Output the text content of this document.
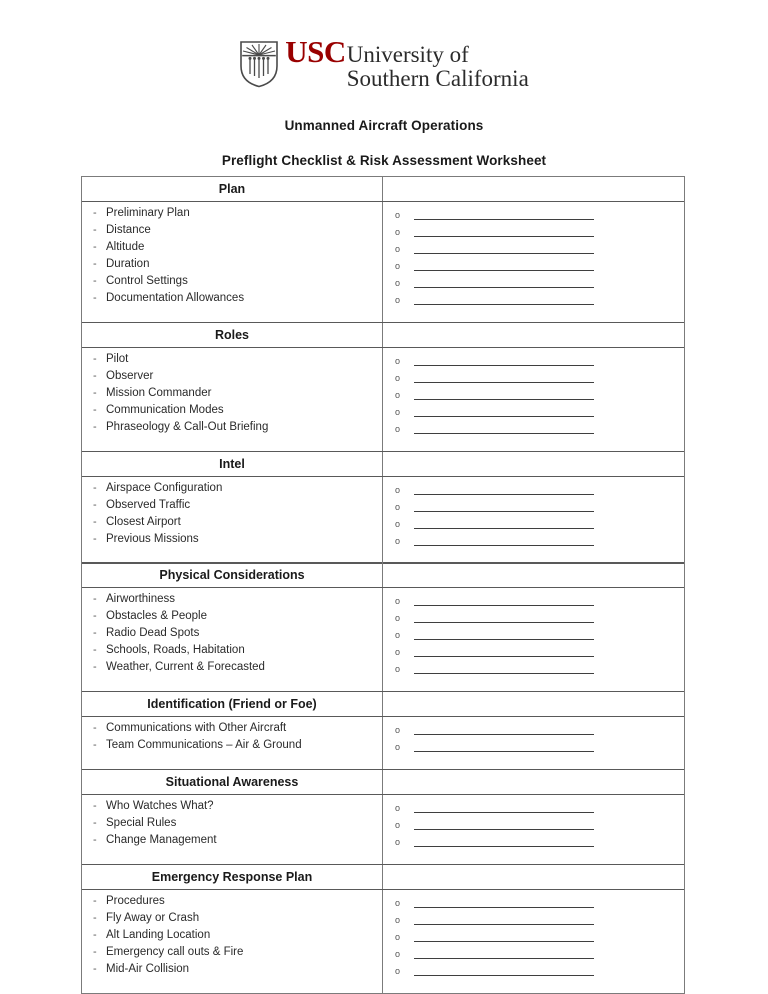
USC University of
Southern California
Unmanned Aircraft Operations
Preflight Checklist & Risk Assessment Worksheet
Plan
- Preliminary Plan
- Distance
- Altitude
- Duration
- Control Settings
- Documentation Allowances
o
o
o
o
o
o
Roles
- Pilot
- Observer
- Mission Commander
- Communication Modes
- Phraseology & Call-Out Briefing
o
o
o
o
o
Intel
- Airspace Configuration
- Observed Traffic
- Closest Airport
- Previous Missions
o
o
o
o
Physical Considerations
- Airworthiness
- Obstacles & People
- Radio Dead Spots
- Schools, Roads, Habitation
- Weather, Current & Forecasted
o
o
o
o
o
Identification (Friend or Foe)
- Communications with Other Aircraft
- Team Communications – Air & Ground
o
o
Situational Awareness
- Who Watches What?
- Special Rules
- Change Management
o
o
o
Emergency Response Plan
- Procedures
- Fly Away or Crash
- Alt Landing Location
- Emergency call outs & Fire
- Mid-Air Collision
o
o
o
o
o
